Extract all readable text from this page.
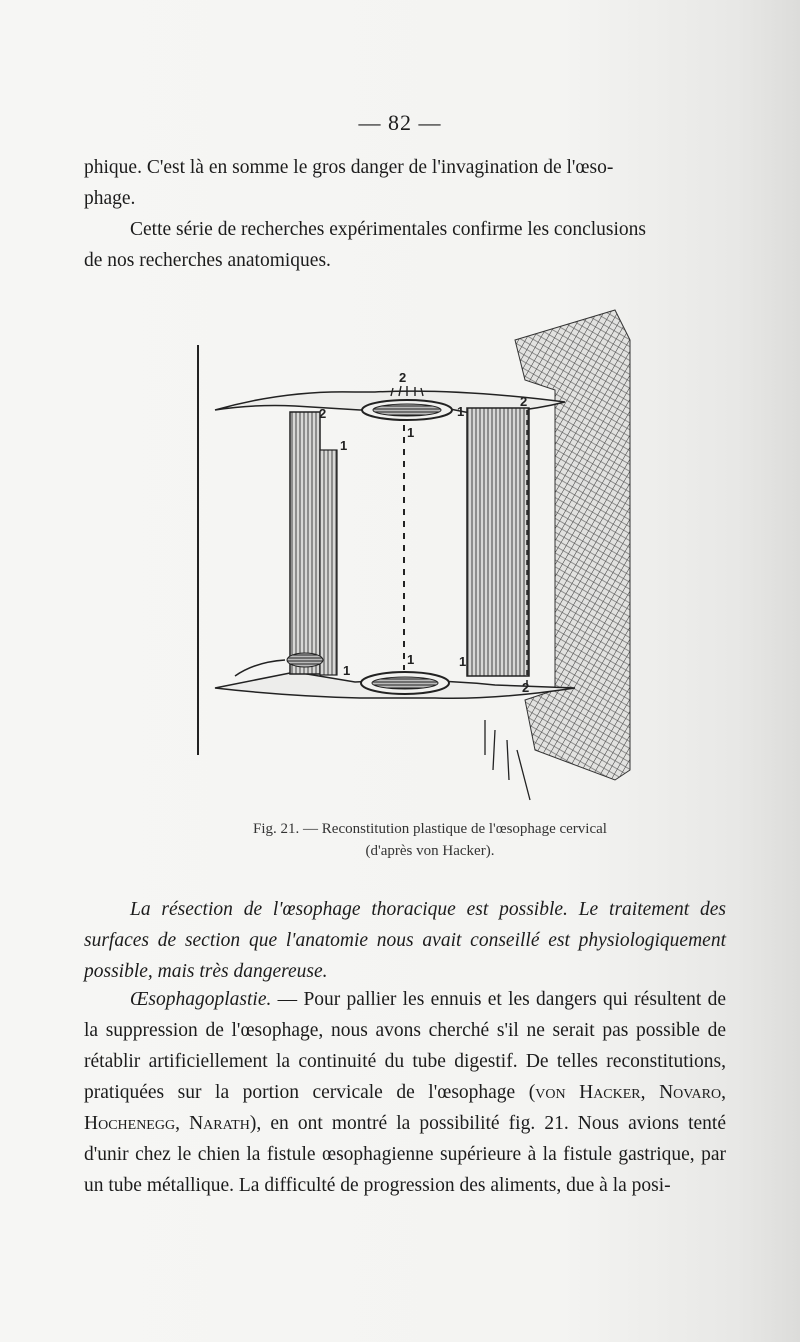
— 82 —
phique. C'est là en somme le gros danger de l'invagination de l'œso-
phage.
Cette série de recherches expérimentales confirme les conclusions
de nos recherches anatomiques.
2
1
1
2	1
2
1
1	1
2
Fig. 21. — Reconstitution plastique de l'œsophage cervical
(d'après von Hacker).
La résection de l'œsophage thoracique est possible. Le traitement des surfaces de section que l'anatomie nous avait conseillé est physiologiquement possible, mais très dangereuse.
Œsophagoplastie. — Pour pallier les ennuis et les dangers qui résultent de la suppression de l'œsophage, nous avons cherché s'il ne serait pas possible de rétablir artificiellement la continuité du tube digestif. De telles reconstitutions, pratiquées sur la portion cervicale de l'œsophage (von Hacker, Novaro, Hochenegg, Narath), en ont montré la possibilité fig. 21. Nous avions tenté d'unir chez le chien la fistule œsophagienne supérieure à la fistule gastrique, par un tube métallique. La difficulté de progression des aliments, due à la posi-
